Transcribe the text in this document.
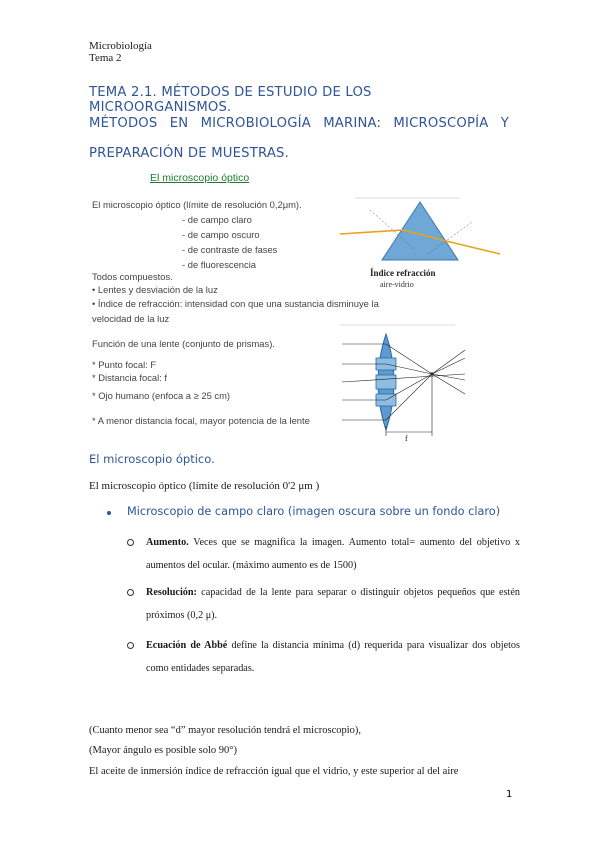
Microbiología
Tema 2
TEMA 2.1. MÉTODOS DE ESTUDIO DE LOS MICROORGANISMOS.
MÉTODOS EN MICROBIOLOGÍA MARINA: MICROSCOPÍA Y
PREPARACIÓN DE MUESTRAS.
El microscopio óptico
El microscopio óptico (límite de resolución 0,2μm).
- de campo claro
- de campo oscuro
- de contraste de fases
- de fluorescencia
Todos compuestos.
• Lentes y desviación de la luz
• Índice de refracción: intensidad con que una sustancia disminuye la
velocidad de la luz
Función de una lente (conjunto de prismas).
* Punto focal: F
* Distancia focal: f
* Ojo humano (enfoca a ≥ 25 cm)
* A menor distancia focal, mayor potencia de la lente
Índice refracción
aire-vidrio
f
El microscopio óptico.
El microscopio óptico (límite de resolución 0'2 μm )
Microscopio de campo claro (imagen oscura sobre un fondo claro)
Aumento. Veces que se magnifica la imagen. Aumento total= aumento del objetivo x aumentos del ocular. (máximo aumento es de 1500)
Resolución: capacidad de la lente para separar o distinguir objetos pequeños que estén próximos (0,2 μ).
Ecuación de Abbé define la distancia mínima (d) requerida para visualizar dos objetos como entidades separadas.
(Cuanto menor sea “d” mayor resolución tendrá el microscopio),
(Mayor ángulo es posible solo 90°)
El aceite de inmersión índice de refracción igual que el vidrio, y este superior al del aire
1
